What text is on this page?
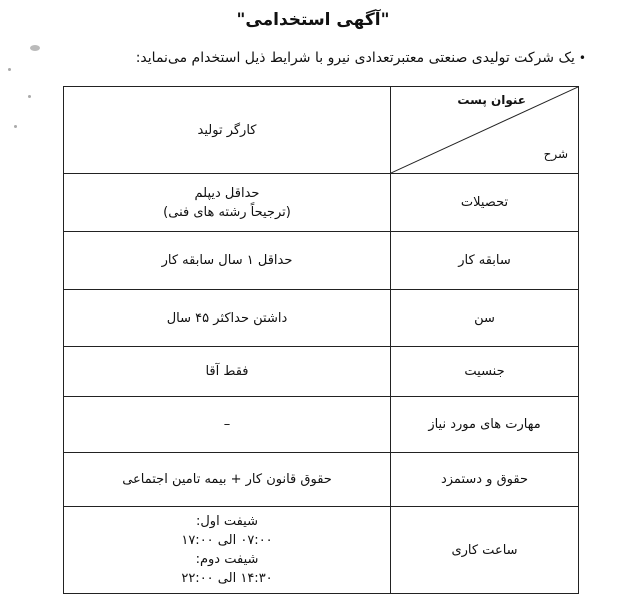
"آگهی استخدامی"
•یک شرکت تولیدی صنعتی معتبرتعدادی نیرو با شرایط ذیل استخدام می‌نماید:
عنوان پست
شرح	کارگر تولید
تحصیلات	حداقل دیپلم
(ترجیحاً رشته های فنی)

سابقه کار	حداقل ۱ سال سابقه کار
سن	داشتن حداکثر ۴۵ سال
جنسیت	فقط آقا
مهارت های مورد نیاز	–
حقوق و دستمزد	حقوق قانون کار + بیمه تامین اجتماعی
ساعت کاری	شیفت اول:
۰۷:۰۰ الی ۱۷:۰۰
شیفت دوم:
۱۴:۳۰ الی ۲۲:۰۰
